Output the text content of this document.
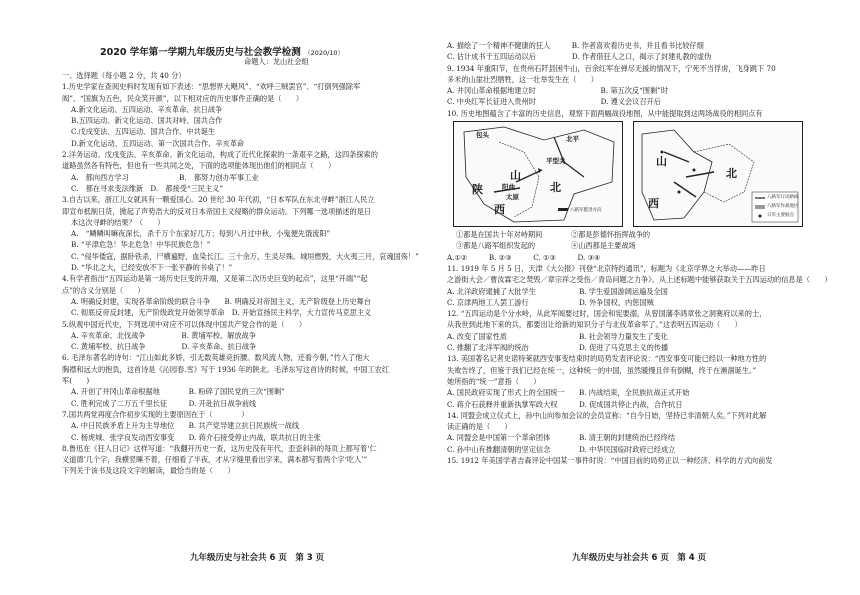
2020 学年第一学期九年级历史与社会教学检测 （2020/10）
命题人：龙山社会组

一、选择题（每小题 2 分，共 40 分）

1.历史学家在查阅史料时发现有如下表述：“思想界大飓风”、“欢呼三贼罢官”、“打倒列强除军

阀”、“国旗为五色，民众笑开颜”，以下相对应的历史事件正确的是（　　）

A.新文化运动、五四运动、辛亥革命、抗日战争

B.五四运动、新文化运动、国共对峙、国共合作

C.戊戌变法、五四运动、国共合作、中共诞生

D.新文化运动、五四运动、第一次国共合作、辛亥革命

2.洋务运动、戊戌变法、辛亥革命、新文化运动，构成了近代化探索的一条艰辛之路，这四条探索的

道路虽然各有特色，但也有一些共同之处，下面的选项能体现出他们的相同点（　　）

A.　都向西方学习　　　　　　　B.　都努力创办军事工业

C.　都在寻求变法维新　D.　都接受“三民主义”

3.自古以来，浙江儿女就具有一颗爱国心。20 世纪 30 年代初，“日本军队在东北寻衅”浙江人民立

即宣布抵制日货，掀起了声势浩大的反对日本帝国主义侵略的群众运动。下列哪一选项描述的是日

本这次寻衅的结果？（　　）

A.　“鳞鳞叫嘛夜深长，杀千万个东家好几万；每到八月过中秋，小鬼便先饿流阳”

B. “平津危急！华北危急！中华民族危急！”

C. “侵华倭寇，据卧铁杀，尸横遍野，血染长江。三十余万，生灵尽殊。城垣燃毁，大火夷三月，哀魂国殇！”

D. “华北之大，已经安放不下一张平静的书桌了！”

4.有学者指出“五四运动是第一场历史巨变的开端，又是第二次历史巨变的起点”，这里“开端”“起

点”的含义分别是（　　）

A. 明确反封建，实现各革命阶级的联合斗争　　B. 明确反对帝国主义，无产阶级登上历史舞台

C. 彻底反帝反封建，无产阶级政党开始领导革命　D. 开始宣扬民主科学，大力宣传马克思主义

5.纵观中国近代史，下列选项中对应不可以体现中国共产党合作的是（　　）

A. 辛亥革命、北伐战争　　　　　B. 黄埔军校、解放战争

C. 黄埔军校、抗日战争　　　　　D. 辛亥革命、抗日战争

6. 毛泽东著名的诗句：“江山如此多娇，引无数英雄竞折腰。数风流人物，还看今朝，”竹入了他大

胸襟和远大的抱负，这首诗是《沁园春.雪》写于 1936 年的陕北。毛泽东写这首诗的时候，中国工农红

军(　　)

A. 开创了井冈山革命根据地　　　　B. 粉碎了国民党的三次“围剿”

C. 胜利完成了二万五千里长征　　　D. 开赴抗日战争前线

7.国共两党再度合作初步实现的主要原因在于（　　　　）

A. 中日民族矛盾上升为主导地位　　B. 共产党导建立抗日民族统一战线

C. 杨虎城、张学良发动西安事变　　D. 蒋介石接受停止内战，联共抗日的主张

8.鲁迅在《狂人日记》这样写道：“我翻开历史一查，这历史没有年代，歪歪斜斜的每页上都写着‘仁

义道德’几个字，我横竖睡不着，仔细看了半夜，才从字缝里看出字来，满本都写着两个字‘吃人’”

下列关于该书及这段文字的解读，最恰当的是（　　）

A. 描绘了一个精神不健康的狂人　　　B. 作者喜欢看历史书，并且看书比较仔细

C. 估计成书于五四运动以后　　　　　D. 作者借狂人之口，揭示了封建礼教的虚伪

9. 1934 年重阳节，在贵州石阡县困牛山，百余红军在弹尽无援的情况下，宁死不当俘虏，飞身跳下 70

多米的山崖壮烈牺牲，这一壮举发生在（　　）

A. 井冈山革命根据地建立时　　　　　　　　　B. 第五次反“围剿”时

C. 中央红军长征进入贵州时　　　　　　　　　D. 遵义会议召开后

10. 历史地图蕴含了丰富的历史信息，观察下面两幅战役地图，从中能提取到这两场战役的相同点有

包头	北平
山
阳曲
太原
陕
西
平型关
北
八路军挺进方向
山
西
北
八路军行动路线
八路军作战地区
日军主要据点

①都是在国共十年对峙期间　　　　②都是彭德怀指挥战争的

③都是八路军组织发起的　　　　　④山西都是主要战场

A.①②　　　B. ②③　　　C. ①③　　　D. ③④

11. 1919 年 5 月 5 日，天津《大公报》刊登“北京特约通讯”，标题为《北京学界之大举动——昨日

之游街大会／曹汝霖宅之焚毁／章宗祥之受伤／青岛问题之力争》。从上述标题中能够获取关于五四运动的信息是（　　）

A. 北洋政府逮捕了大批学生　　　　　　B. 学生爱国游阔运遍及全国

C. 京津两地工人罢工游行　　　　　　　D. 外争国权，内惩国贼

12. “五四运动是个分水岭，从此军阀要过时，国会和宪要溺，从曾国藩李鸿章张之洞赛府以来的士，

从我世到此地下来的兵，都要出让给新的知识分子与北伐革命军了。”这表明五四运动（　　）

A. 改变了国家性质　　　　　　　　　　B. 社会领导力量发生了变化

C. 推翻了北洋军阀的统治　　　　　　　D. 促进了马克思主义的传播

13. 美国著名记者史诺特莱就西安事变结束时的局势发表评论说：“西安事变可能已经以一种地方性的

失败告终了，但鉴于我们已经在统一，这种统一的中国，虽然暖慢且伴有倒糊，终于在濒涸诞生。”

她所指的“统一”意指（　　）

A. 国民政府实现了形式上的全国统一　　B. 内战结束，全民族抗战正式开始

C. 蒋介石获释并重新执掌军政大权　　　D. 促成国共停止内战，合作抗日

14. 同盟会成立仪式上，孙中山向参加会议的会员宣称：“自今日始，坚持已非清朝人矣。”下列对此解

读正确的是（　　）

A. 同盟会是中国第一个革命团体　　　　B. 清王朝的封建统治已经终结

C. 孙中山有推翻清朝的坚定信念　　　　D. 中华民国临时政府已经成立

15. 1912 年美国学者吉森评论中国某一事件时说：“中国目前的局势正以一种经济、科学的方式向前发

九年级历史与社会共 6 页　第 3 页	九年级历史与社会共 6 页　第 4 页
